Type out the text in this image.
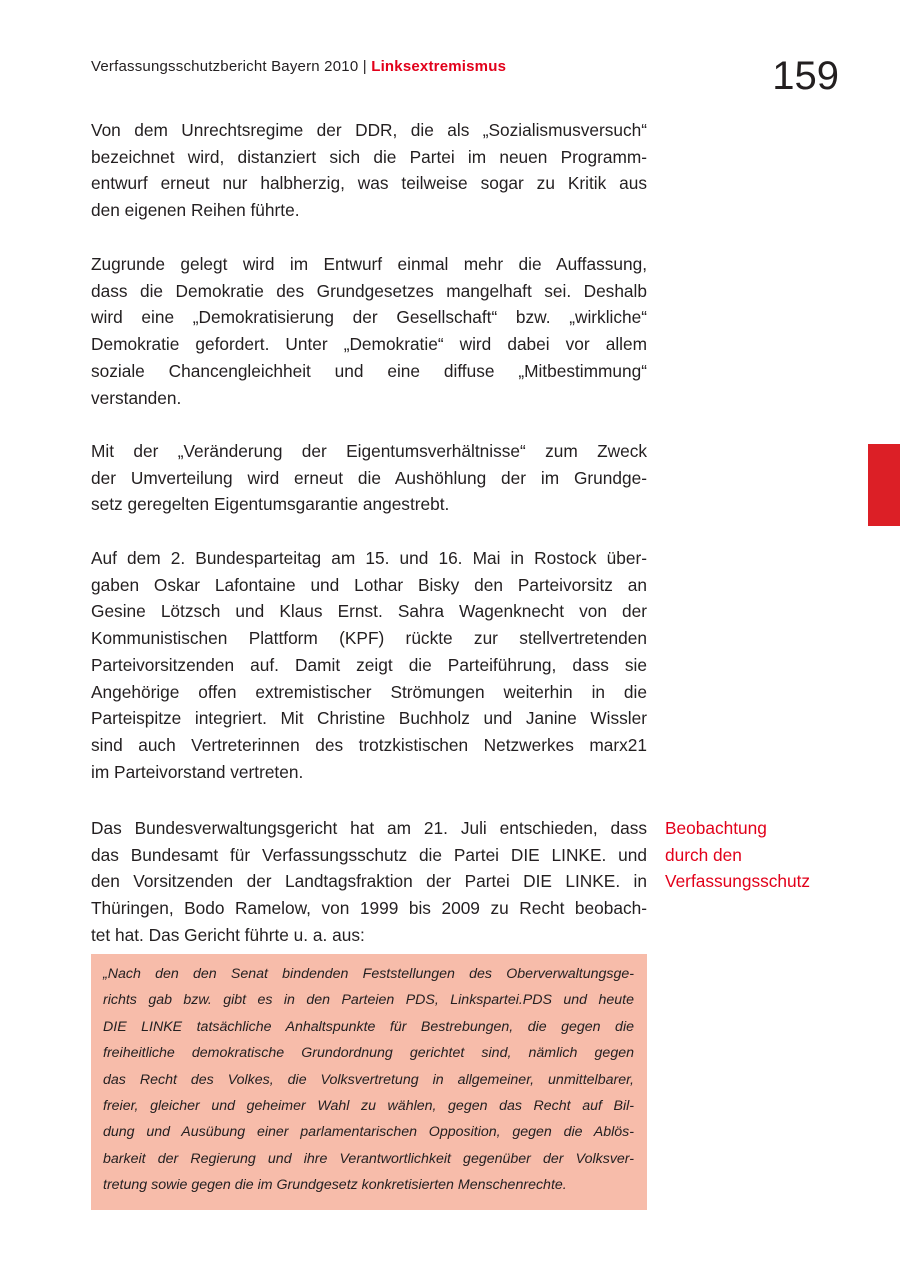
Verfassungsschutzbericht Bayern 2010 | Linksextremismus	159
Von dem Unrechtsregime der DDR, die als „Sozialismusversuch“
bezeichnet wird, distanziert sich die Partei im neuen Programm-
entwurf erneut nur halbherzig, was teilweise sogar zu Kritik aus
den eigenen Reihen führte.
Zugrunde gelegt wird im Entwurf einmal mehr die Auffassung,
dass die Demokratie des Grundgesetzes mangelhaft sei. Deshalb
wird eine „Demokratisierung der Gesellschaft“ bzw. „wirkliche“
Demokratie gefordert. Unter „Demokratie“ wird dabei vor allem
soziale Chancengleichheit und eine diffuse „Mitbestimmung“
verstanden.
Mit der „Veränderung der Eigentumsverhältnisse“ zum Zweck
der Umverteilung wird erneut die Aushöhlung der im Grundge-
setz geregelten Eigentumsgarantie angestrebt.
Auf dem 2. Bundesparteitag am 15. und 16. Mai in Rostock über-
gaben Oskar Lafontaine und Lothar Bisky den Parteivorsitz an
Gesine Lötzsch und Klaus Ernst. Sahra Wagenknecht von der
Kommunistischen Plattform (KPF) rückte zur stellvertretenden
Parteivorsitzenden auf. Damit zeigt die Parteiführung, dass sie
Angehörige offen extremistischer Strömungen weiterhin in die
Parteispitze integriert. Mit Christine Buchholz und Janine Wissler
sind auch Vertreterinnen des trotzkistischen Netzwerkes marx21
im Parteivorstand vertreten.
Das Bundesverwaltungsgericht hat am 21. Juli entschieden, dass
das Bundesamt für Verfassungsschutz die Partei DIE LINKE. und
den Vorsitzenden der Landtagsfraktion der Partei DIE LINKE. in
Thüringen, Bodo Ramelow, von 1999 bis 2009 zu Recht beobach-
tet hat. Das Gericht führte u. a. aus:
Beobachtung
durch den
Verfassungsschutz
„Nach den den Senat bindenden Feststellungen des Oberverwaltungsge-
richts gab bzw. gibt es in den Parteien PDS, Linkspartei.PDS und heute
DIE LINKE tatsächliche Anhaltspunkte für Bestrebungen, die gegen die
freiheitliche demokratische Grundordnung gerichtet sind, nämlich gegen
das Recht des Volkes, die Volksvertretung in allgemeiner, unmittelbarer,
freier, gleicher und geheimer Wahl zu wählen, gegen das Recht auf Bil-
dung und Ausübung einer parlamentarischen Opposition, gegen die Ablös-
barkeit der Regierung und ihre Verantwortlichkeit gegenüber der Volksver-
tretung sowie gegen die im Grundgesetz konkretisierten Menschenrechte.
